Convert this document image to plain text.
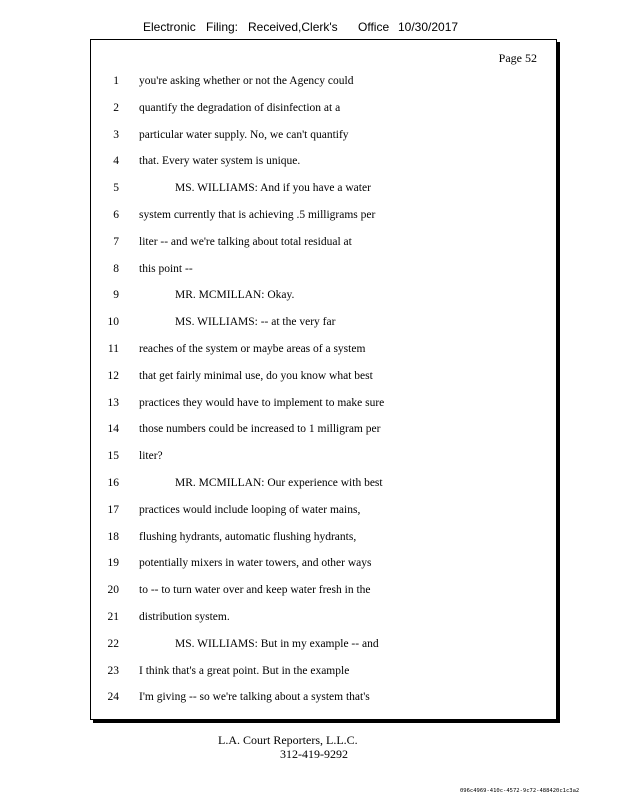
Electronic Filing: Received,Clerk's Office 10/30/2017
Page 52
1 you're asking whether or not the Agency could
2 quantify the degradation of disinfection at a
3 particular water supply. No, we can't quantify
4 that. Every water system is unique.
5	MS. WILLIAMS: And if you have a water
6 system currently that is achieving .5 milligrams per
7 liter -- and we're talking about total residual at
8 this point --
9	MR. MCMILLAN: Okay.
10	MS. WILLIAMS: -- at the very far
11 reaches of the system or maybe areas of a system
12 that get fairly minimal use, do you know what best
13 practices they would have to implement to make sure
14 those numbers could be increased to 1 milligram per
15 liter?
16	MR. MCMILLAN: Our experience with best
17 practices would include looping of water mains,
18 flushing hydrants, automatic flushing hydrants,
19 potentially mixers in water towers, and other ways
20 to -- to turn water over and keep water fresh in the
21 distribution system.
22	MS. WILLIAMS: But in my example -- and
23 I think that's a great point. But in the example
24 I'm giving -- so we're talking about a system that's
L.A. Court Reporters, L.L.C.
312-419-9292
096c4969-410c-4572-9c72-488420c1c3a2
